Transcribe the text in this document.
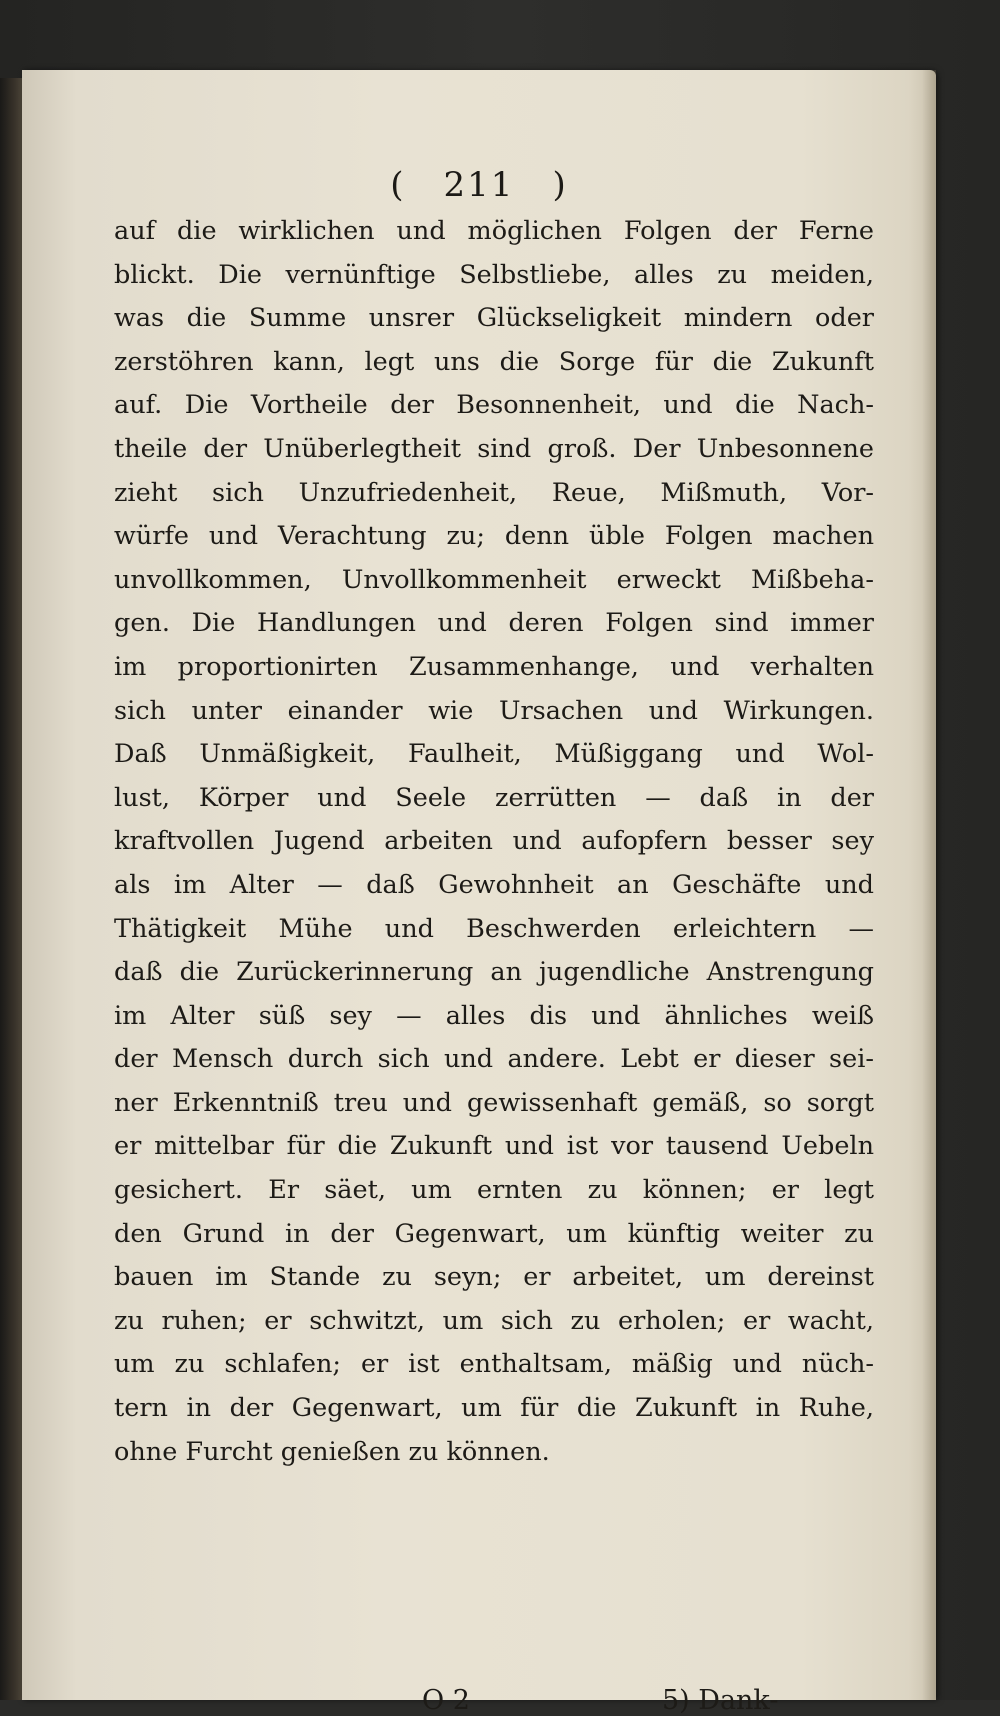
( 211 )
auf die wirklichen und möglichen Folgen der Ferne
blickt. Die vernünftige Selbstliebe, alles zu meiden,
was die Summe unsrer Glückseligkeit mindern oder
zerstöhren kann, legt uns die Sorge für die Zukunft
auf. Die Vortheile der Besonnenheit, und die Nach-
theile der Unüberlegtheit sind groß. Der Unbesonnene
zieht sich Unzufriedenheit, Reue, Mißmuth, Vor-
würfe und Verachtung zu; denn üble Folgen machen
unvollkommen, Unvollkommenheit erweckt Mißbeha-
gen. Die Handlungen und deren Folgen sind immer
im proportionirten Zusammenhange, und verhalten
sich unter einander wie Ursachen und Wirkungen.
Daß Unmäßigkeit, Faulheit, Müßiggang und Wol-
lust, Körper und Seele zerrütten — daß in der
kraftvollen Jugend arbeiten und aufopfern besser sey
als im Alter — daß Gewohnheit an Geschäfte und
Thätigkeit Mühe und Beschwerden erleichtern —
daß die Zurückerinnerung an jugendliche Anstrengung
im Alter süß sey — alles dis und ähnliches weiß
der Mensch durch sich und andere. Lebt er dieser sei-
ner Erkenntniß treu und gewissenhaft gemäß, so sorgt
er mittelbar für die Zukunft und ist vor tausend Uebeln
gesichert. Er säet, um ernten zu können; er legt
den Grund in der Gegenwart, um künftig weiter zu
bauen im Stande zu seyn; er arbeitet, um dereinst
zu ruhen; er schwitzt, um sich zu erholen; er wacht,
um zu schlafen; er ist enthaltsam, mäßig und nüch-
tern in der Gegenwart, um für die Zukunft in Ruhe,
ohne Furcht genießen zu können.
O 2	5) Dank-
